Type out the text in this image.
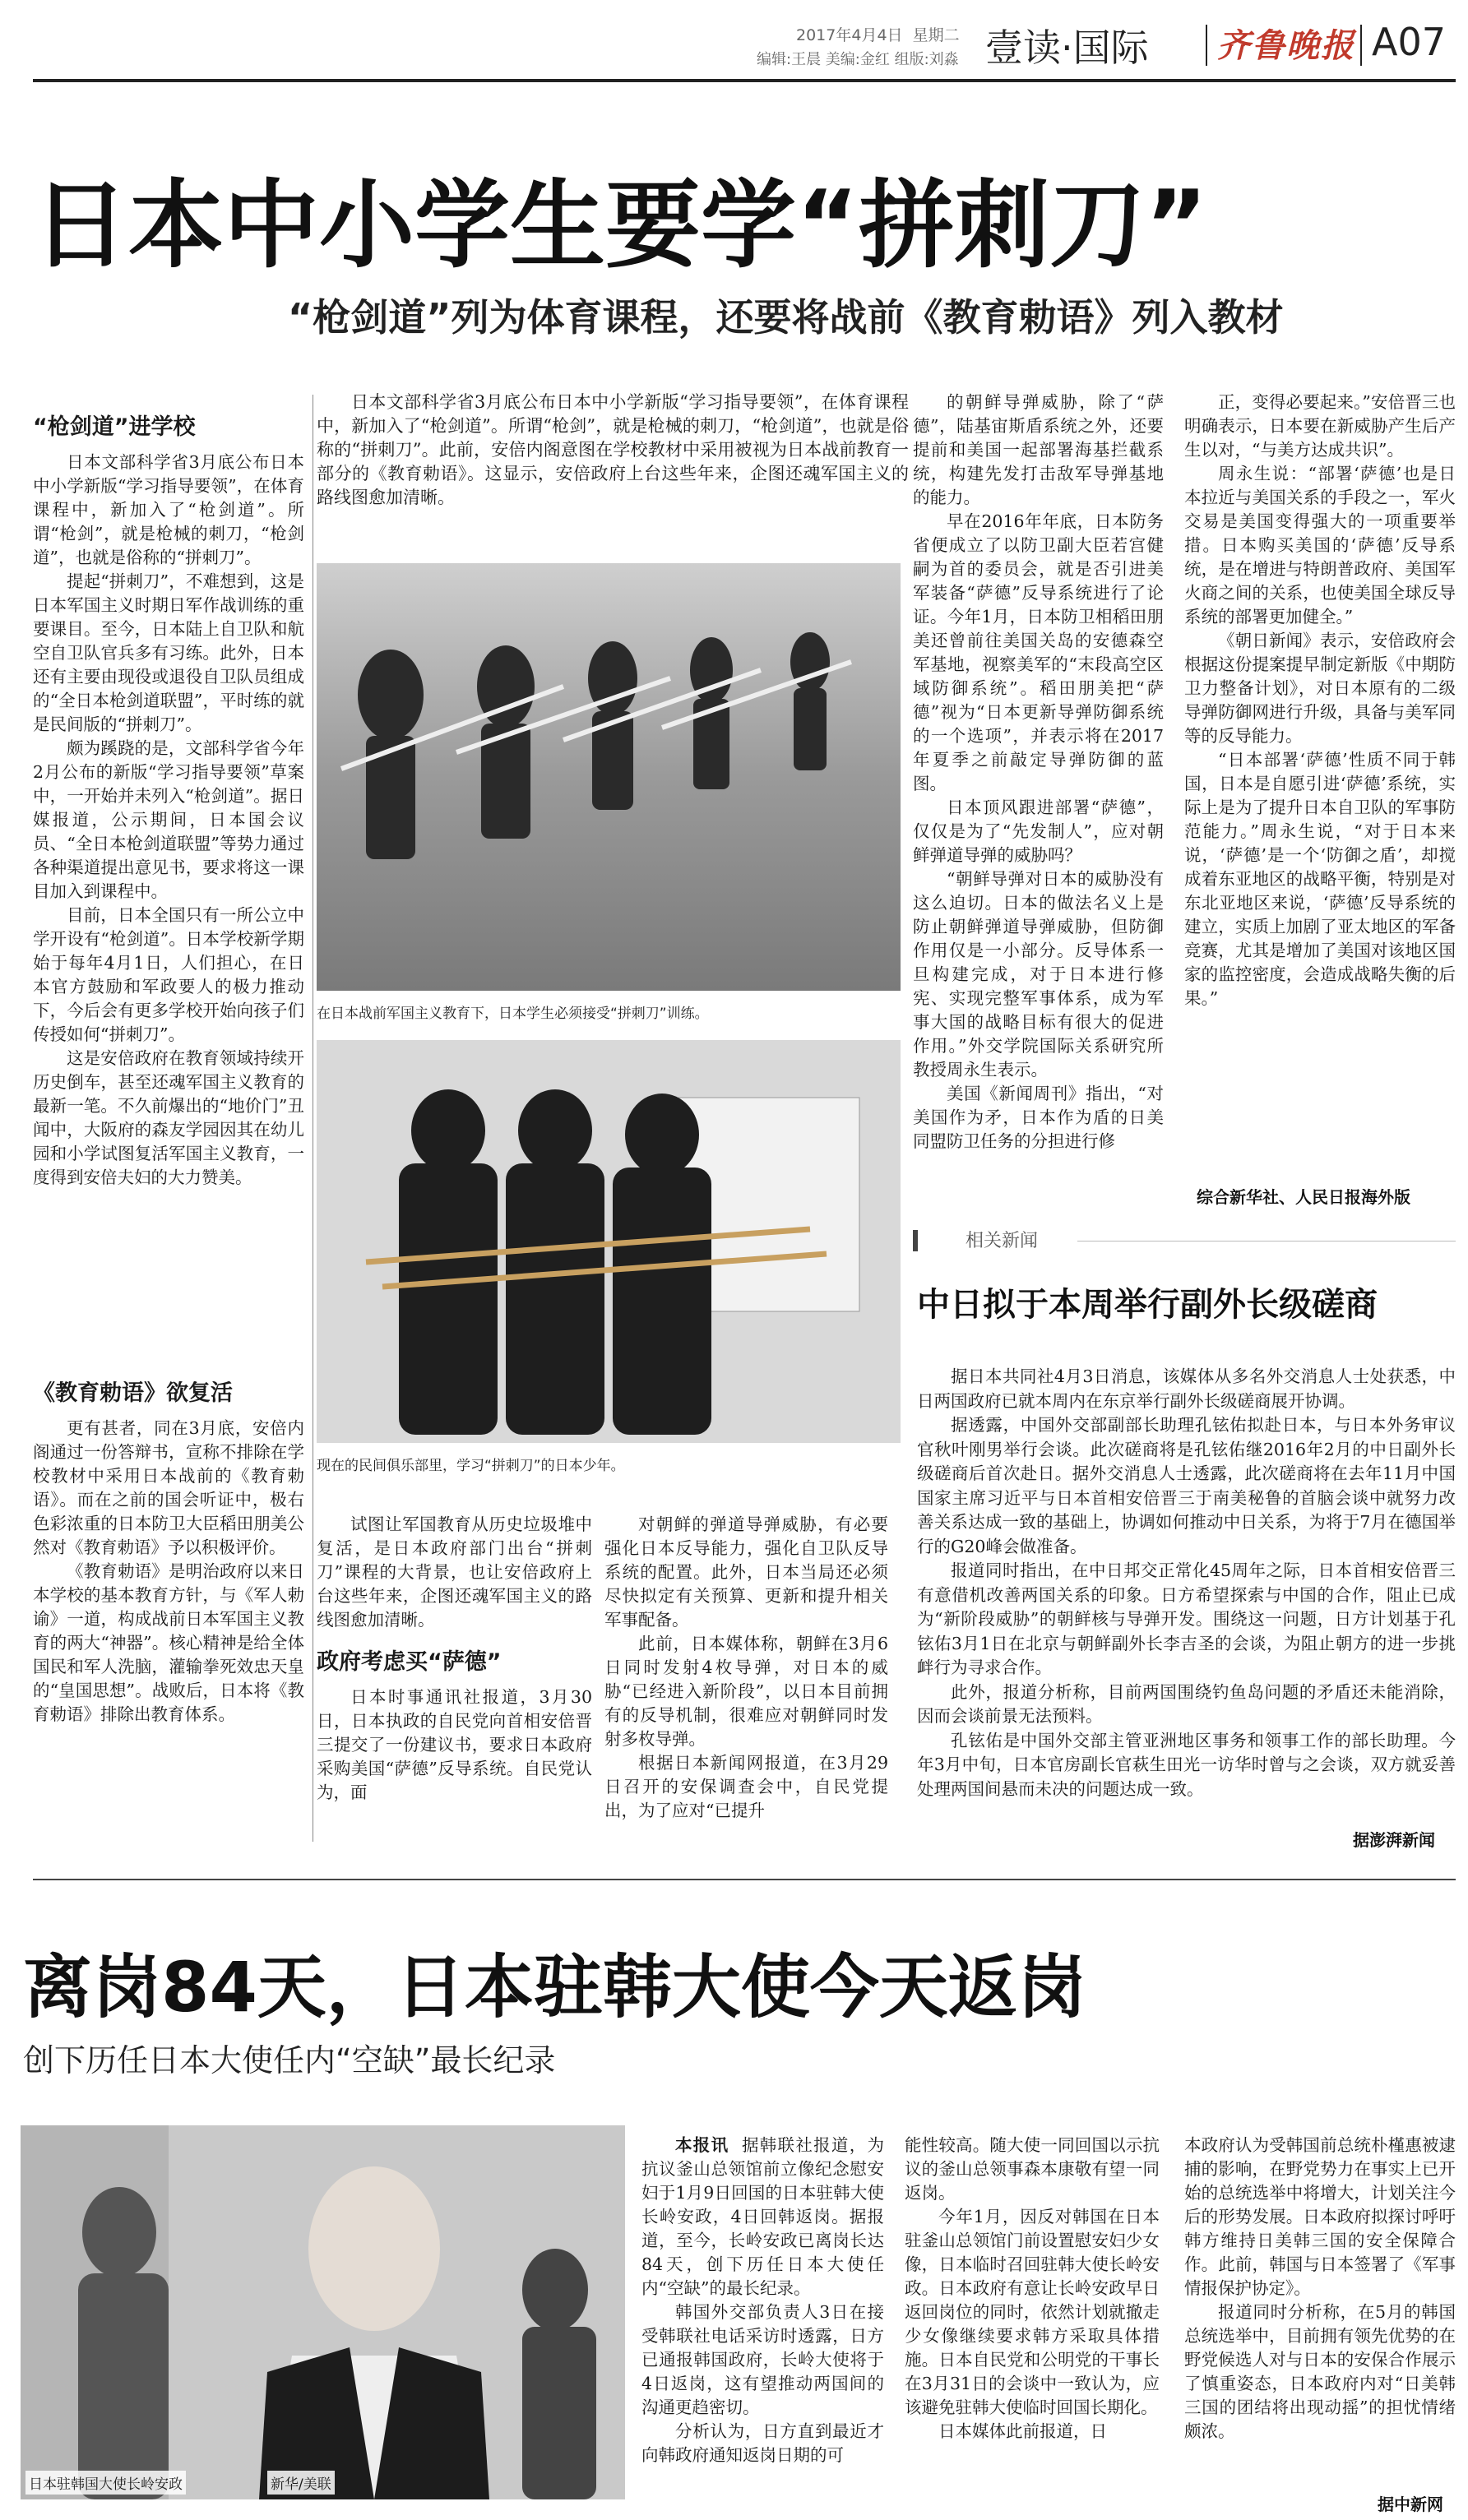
2017年4月4日 星期二
编辑:王晨 美编:金红 组版:刘淼 壹读·国际 齐鲁晚报 A07
日本中小学生要学“拼刺刀”
“枪剑道”列为体育课程，还要将战前《教育勅语》列入教材
“枪剑道”进学校

日本文部科学省3月底公布日本中小学新版“学习指导要领”，在体育课程中，新加入了“枪剑道”。所谓“枪剑”，就是枪械的刺刀，“枪剑道”，也就是俗称的“拼刺刀”。

提起“拼刺刀”，不难想到，这是日本军国主义时期日军作战训练的重要课目。至今，日本陆上自卫队和航空自卫队官兵多有习练。此外，日本还有主要由现役或退役自卫队员组成的“全日本枪剑道联盟”，平时练的就是民间版的“拼刺刀”。

颇为蹊跷的是，文部科学省今年2月公布的新版“学习指导要领”草案中，一开始并未列入“枪剑道”。据日媒报道，公示期间，日本国会议员、“全日本枪剑道联盟”等势力通过各种渠道提出意见书，要求将这一课目加入到课程中。

目前，日本全国只有一所公立中学开设有“枪剑道”。日本学校新学期始于每年4月1日，人们担心，在日本官方鼓励和军政要人的极力推动下，今后会有更多学校开始向孩子们传授如何“拼刺刀”。

这是安倍政府在教育领域持续开历史倒车，甚至还魂军国主义教育的最新一笔。不久前爆出的“地价门”丑闻中，大阪府的森友学园因其在幼儿园和小学试图复活军国主义教育，一度得到安倍夫妇的大力赞美。

《教育勅语》欲复活

更有甚者，同在3月底，安倍内阁通过一份答辩书，宣称不排除在学校教材中采用日本战前的《教育勅语》。而在之前的国会听证中，极右色彩浓重的日本防卫大臣稻田朋美公然对《教育勅语》予以积极评价。

《教育勅语》是明治政府以来日本学校的基本教育方针，与《军人勅谕》一道，构成战前日本军国主义教育的两大“神器”。核心精神是给全体国民和军人洗脑，灌输拳死效忠天皇的“皇国思想”。战败后，日本将《教育勅语》排除出教育体系。

日本文部科学省3月底公布日本中小学新版“学习指导要领”，在体育课程中，新加入了“枪剑道”。所谓“枪剑”，就是枪械的刺刀，“枪剑道”，也就是俗称的“拼刺刀”。此前，安倍内阁意图在学校教材中采用被视为日本战前教育一部分的《教育勅语》。这显示，安倍政府上台这些年来，企图还魂军国主义的路线图愈加清晰。

在日本战前军国主义教育下，日本学生必须接受“拼刺刀”训练。
现在的民间俱乐部里，学习“拼刺刀”的日本少年。

试图让军国教育从历史垃圾堆中复活，是日本政府部门出台“拼刺刀”课程的大背景，也让安倍政府上台这些年来，企图还魂军国主义的路线图愈加清晰。

政府考虑买“萨德”

日本时事通讯社报道，3月30日，日本执政的自民党向首相安倍晋三提交了一份建议书，要求日本政府采购美国“萨德”反导系统。自民党认为，面

对朝鲜的弹道导弹威胁，有必要强化日本反导能力，强化自卫队反导系统的配置。此外，日本当局还必须尽快拟定有关预算、更新和提升相关军事配备。

此前，日本媒体称，朝鲜在3月6日同时发射4枚导弹，对日本的威胁“已经进入新阶段”，以日本目前拥有的反导机制，很难应对朝鲜同时发射多枚导弹。

根据日本新闻网报道，在3月29日召开的安保调查会中，自民党提出，为了应对“已提升

的朝鲜导弹威胁，除了“萨德”，陆基宙斯盾系统之外，还要提前和美国一起部署海基拦截系统，构建先发打击敌军导弹基地的能力。

早在2016年年底，日本防务省便成立了以防卫副大臣若宫健嗣为首的委员会，就是否引进美军装备“萨德”反导系统进行了论证。今年1月，日本防卫相稻田朋美还曾前往美国关岛的安德森空军基地，视察美军的“末段高空区域防御系统”。稻田朋美把“萨德”视为“日本更新导弹防御系统的一个选项”，并表示将在2017年夏季之前敲定导弹防御的蓝图。

日本顶风跟进部署“萨德”，仅仅是为了“先发制人”，应对朝鲜弹道导弹的威胁吗？

“朝鲜导弹对日本的威胁没有这么迫切。日本的做法名义上是防止朝鲜弹道导弹威胁，但防御作用仅是一小部分。反导体系一旦构建完成，对于日本进行修宪、实现完整军事体系，成为军事大国的战略目标有很大的促进作用。”外交学院国际关系研究所教授周永生表示。

美国《新闻周刊》指出，“对美国作为矛，日本作为盾的日美同盟防卫任务的分担进行修

正，变得必要起来。”安倍晋三也明确表示，日本要在新威胁产生后产生以对，“与美方达成共识”。

周永生说：“部署‘萨德’也是日本拉近与美国关系的手段之一，军火交易是美国变得强大的一项重要举措。日本购买美国的‘萨德’反导系统，是在增进与特朗普政府、美国军火商之间的关系，也使美国全球反导系统的部署更加健全。”

《朝日新闻》表示，安倍政府会根据这份提案提早制定新版《中期防卫力整备计划》，对日本原有的二级导弹防御网进行升级，具备与美军同等的反导能力。

“日本部署‘萨德’性质不同于韩国，日本是自愿引进‘萨德’系统，实际上是为了提升日本自卫队的军事防范能力。”周永生说，“对于日本来说，‘萨德’是一个‘防御之盾’，却搅成着东亚地区的战略平衡，特别是对东北亚地区来说，‘萨德’反导系统的建立，实质上加剧了亚太地区的军备竞赛，尤其是增加了美国对该地区国家的监控密度，会造成战略失衡的后果。”

综合新华社、人民日报海外版
相关新闻
中日拟于本周举行副外长级磋商

据日本共同社4月3日消息，该媒体从多名外交消息人士处获悉，中日两国政府已就本周内在东京举行副外长级磋商展开协调。

据透露，中国外交部副部长助理孔铉佑拟赴日本，与日本外务审议官秋叶刚男举行会谈。此次磋商将是孔铉佑继2016年2月的中日副外长级磋商后首次赴日。据外交消息人士透露，此次磋商将在去年11月中国国家主席习近平与日本首相安倍晋三于南美秘鲁的首脑会谈中就努力改善关系达成一致的基础上，协调如何推动中日关系，为将于7月在德国举行的G20峰会做准备。

报道同时指出，在中日邦交正常化45周年之际，日本首相安倍晋三有意借机改善两国关系的印象。日方希望探索与中国的合作，阻止已成为“新阶段威胁”的朝鲜核与导弹开发。围绕这一问题，日方计划基于孔铉佑3月1日在北京与朝鲜副外长李吉圣的会谈，为阻止朝方的进一步挑衅行为寻求合作。

此外，报道分析称，目前两国围绕钓鱼岛问题的矛盾还未能消除，因而会谈前景无法预料。

孔铉佑是中国外交部主管亚洲地区事务和领事工作的部长助理。今年3月中旬，日本官房副长官萩生田光一访华时曾与之会谈，双方就妥善处理两国间悬而未决的问题达成一致。

据澎湃新闻
离岗84天，日本驻韩大使今天返岗
创下历任日本大使任内“空缺”最长纪录
日本驻韩国大使长岭安政	新华/美联

本报讯 据韩联社报道，为抗议釜山总领馆前立像纪念慰安妇于1月9日回国的日本驻韩大使长岭安政，4日回韩返岗。据报道，至今，长岭安政已离岗长达84天，创下历任日本大使任内“空缺”的最长纪录。

韩国外交部负责人3日在接受韩联社电话采访时透露，日方已通报韩国政府，长岭大使将于4日返岗，这有望推动两国间的沟通更趋密切。

分析认为，日方直到最近才向韩政府通知返岗日期的可

能性较高。随大使一同回国以示抗议的釜山总领事森本康敬有望一同返岗。

今年1月，因反对韩国在日本驻釜山总领馆门前设置慰安妇少女像，日本临时召回驻韩大使长岭安政。日本政府有意让长岭安政早日返回岗位的同时，依然计划就撤走少女像继续要求韩方采取具体措施。日本自民党和公明党的干事长在3月31日的会谈中一致认为，应该避免驻韩大使临时回国长期化。

日本媒体此前报道，日

本政府认为受韩国前总统朴槿惠被逮捕的影响，在野党势力在事实上已开始的总统选举中将增大，计划关注今后的形势发展。日本政府拟探讨呼吁韩方维持日美韩三国的安全保障合作。此前，韩国与日本签署了《军事情报保护协定》。

报道同时分析称，在5月的韩国总统选举中，目前拥有领先优势的在野党候选人对与日本的安保合作展示了慎重姿态，日本政府内对“日美韩三国的团结将出现动摇”的担忧情绪颇浓。

据中新网
